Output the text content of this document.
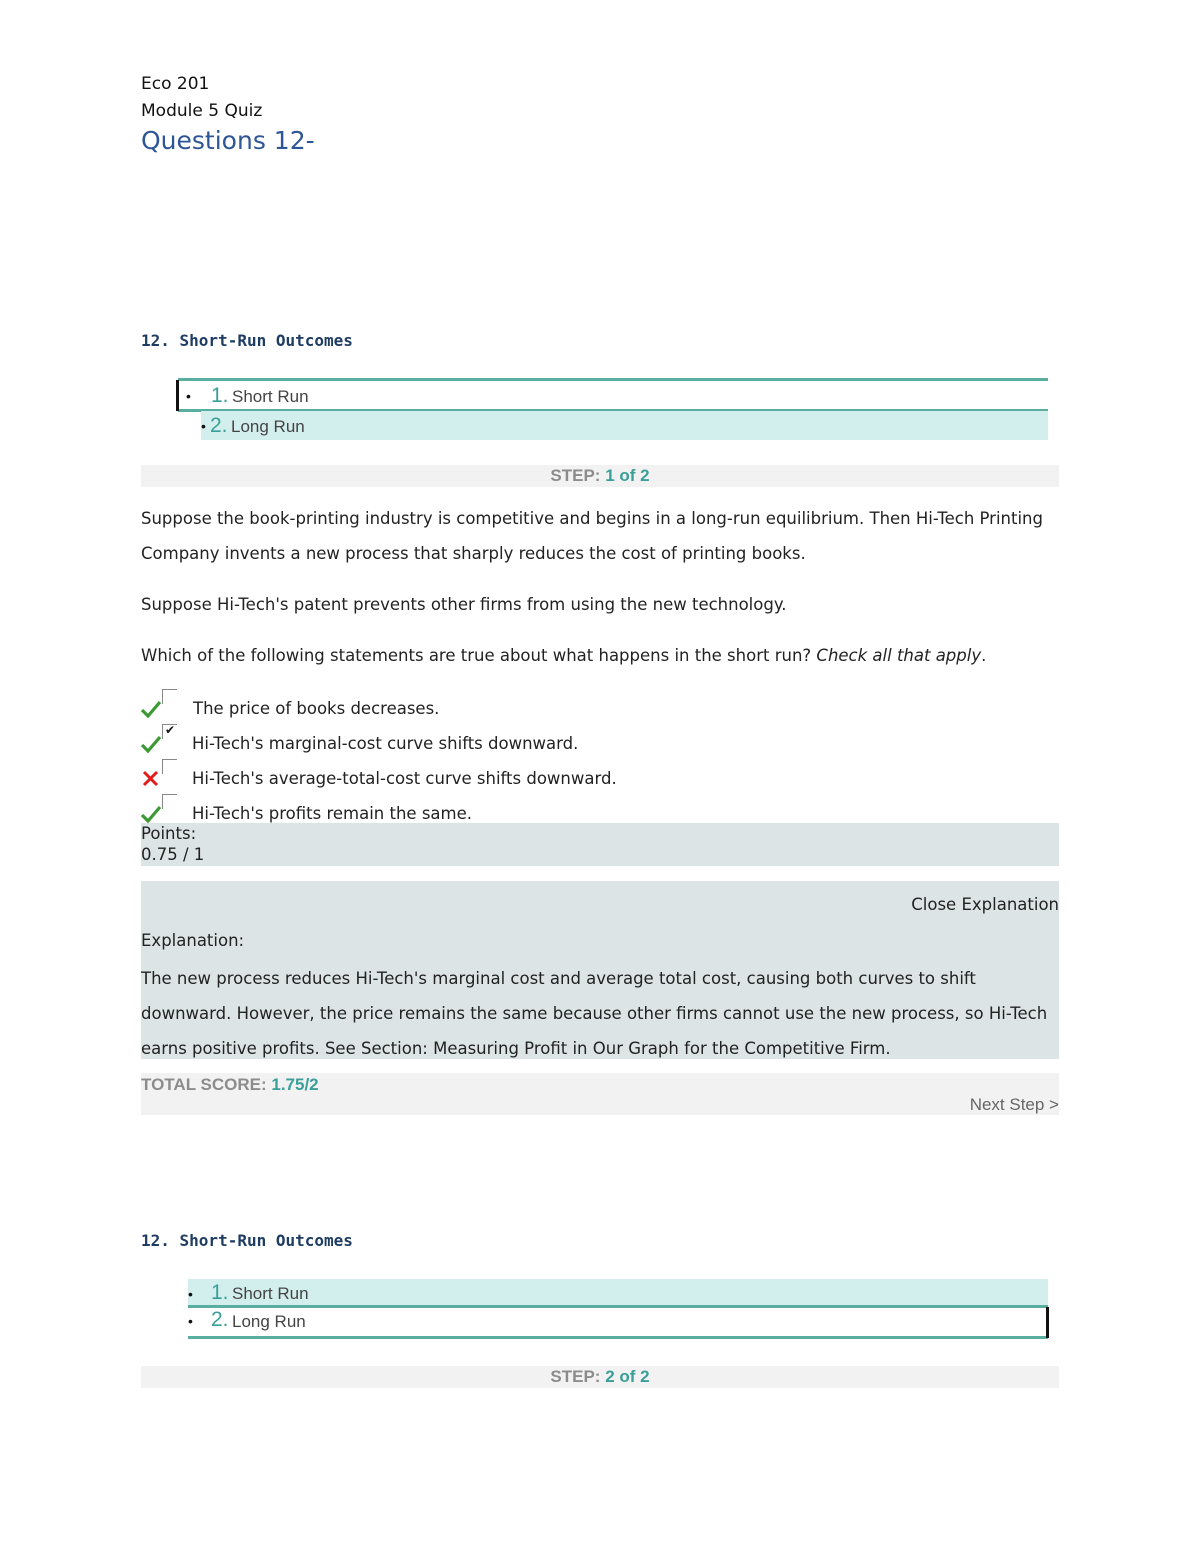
Eco 201
Module 5 Quiz
Questions 12-
12. Short-Run Outcomes
• 1. Short Run
• 2. Long Run
STEP: 1 of 2
Suppose the book-printing industry is competitive and begins in a long-run equilibrium. Then Hi-Tech Printing Company invents a new process that sharply reduces the cost of printing books.
Suppose Hi-Tech's patent prevents other firms from using the new technology.
Which of the following statements are true about what happens in the short run? Check all that apply.
The price of books decreases.
✔
Hi-Tech's marginal-cost curve shifts downward.
Hi-Tech's average-total-cost curve shifts downward.
Hi-Tech's profits remain the same.
Points:
0.75 / 1
Close Explanation
Explanation:
The new process reduces Hi-Tech's marginal cost and average total cost, causing both curves to shift downward. However, the price remains the same because other firms cannot use the new process, so Hi-Tech earns positive profits. See Section: Measuring Profit in Our Graph for the Competitive Firm.
TOTAL SCORE: 1.75/2
Next Step >
12. Short-Run Outcomes
• 1. Short Run
• 2. Long Run
STEP: 2 of 2
